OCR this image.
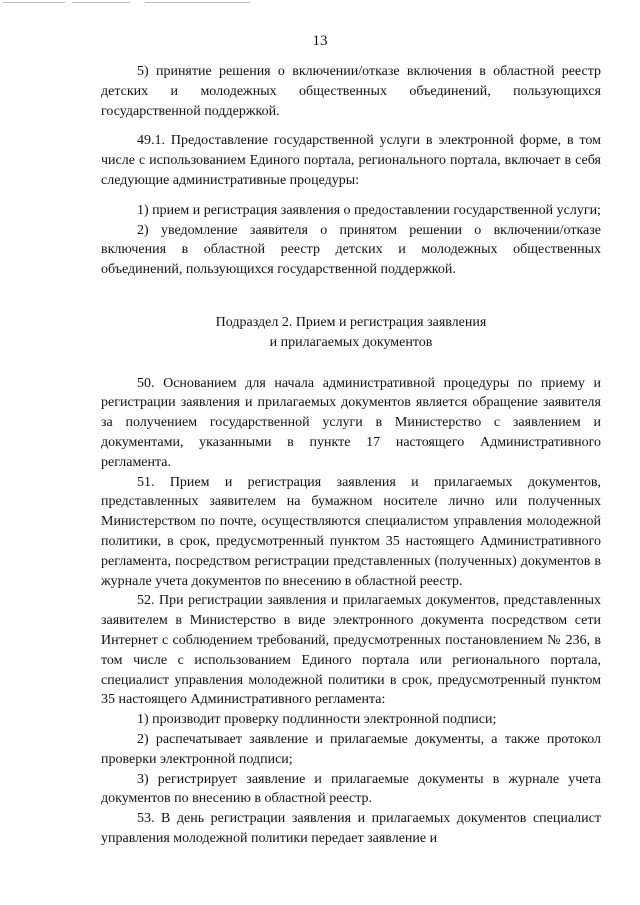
13

5) принятие решения о включении/отказе включения в областной реестр детских и молодежных общественных объединений, пользующихся государственной поддержкой.

49.1. Предоставление государственной услуги в электронной форме, в том числе с использованием Единого портала, регионального портала, включает в себя следующие административные процедуры:

1) прием и регистрация заявления о предоставлении государственной услуги;

2) уведомление заявителя о принятом решении о включении/отказе включения в областной реестр детских и молодежных общественных объединений, пользующихся государственной поддержкой.

Подраздел 2. Прием и регистрация заявления
и прилагаемых документов

50. Основанием для начала административной процедуры по приему и регистрации заявления и прилагаемых документов является обращение заявителя за получением государственной услуги в Министерство с заявлением и документами, указанными в пункте 17 настоящего Административного регламента.

51. Прием и регистрация заявления и прилагаемых документов, представленных заявителем на бумажном носителе лично или полученных Министерством по почте, осуществляются специалистом управления молодежной политики, в срок, предусмотренный пунктом 35 настоящего Административного регламента, посредством регистрации представленных (полученных) документов в журнале учета документов по внесению в областной реестр.

52. При регистрации заявления и прилагаемых документов, представленных заявителем в Министерство в виде электронного документа посредством сети Интернет с соблюдением требований, предусмотренных постановлением № 236, в том числе с использованием Единого портала или регионального портала, специалист управления молодежной политики в срок, предусмотренный пунктом 35 настоящего Административного регламента:

1) производит проверку подлинности электронной подписи;

2) распечатывает заявление и прилагаемые документы, а также протокол проверки электронной подписи;

3) регистрирует заявление и прилагаемые документы в журнале учета документов по внесению в областной реестр.

53. В день регистрации заявления и прилагаемых документов специалист управления молодежной политики передает заявление и
